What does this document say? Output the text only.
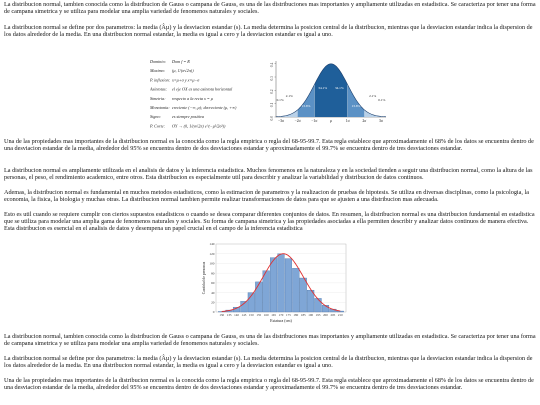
La distribucion normal, tambien conocida como la distribucion de Gauss o campana de Gauss, es una de las distribuciones mas importantes y ampliamente utilizadas en estadistica. Se caracteriza por tener una forma de campana simetrica y se utiliza para modelar una amplia variedad de fenomenos naturales y sociales.

La distribucion normal se define por dos parametros: la media (Âµ) y la desviacion estandar (s). La media determina la posicion central de la distribucion, mientras que la desviacion estandar indica la dispersion de los datos alrededor de la media. En una distribucion normal estandar, la media es igual a cero y la desviacion estandar es igual a uno.

Dominio: Dom f = R
Maximo: (μ, 1/(σ√2π))
P. inflexion: x=μ+σ y x=μ−σ
Asintotas: el eje OX es una asintota horizontal
Simetria: respecto a la recta x = μ
Monotonia: creciente (−∞, μ); decreciente (μ, +∞)
Signo:	es siempre positiva
P. Corte: OY → (0, 1/(σ√2π) e^(−μ²/2σ²))
0.0
0.1
0.2
0.3
0.4
0.1%
2.1%
13.6%
34.1% 34.1%
13.6%
2.1%
0.1%
−3σ	−2σ	−1σ	μ	1σ	2σ	3σ

Una de las propiedades mas importantes de la distribucion normal es la conocida como la regla empirica o regla del 68-95-99.7. Esta regla establece que aproximadamente el 68% de los datos se encuentra dentro de una desviacion estandar de la media, alrededor del 95% se encuentra dentro de dos desviaciones estandar y aproximadamente el 99.7% se encuentra dentro de tres desviaciones estandar.

La distribucion normal es ampliamente utilizada en el analisis de datos y la inferencia estadistica. Muchos fenomenos en la naturaleza y en la sociedad tienden a seguir una distribucion normal, como la altura de las personas, el peso, el rendimiento academico, entre otros. Esta distribucion es especialmente util para describir y analizar la variabilidad y distribucion de datos continuos.

Ademas, la distribucion normal es fundamental en muchos metodos estadisticos, como la estimacion de parametros y la realizacion de pruebas de hipotesis. Se utiliza en diversas disciplinas, como la psicologia, la economia, la fisica, la biologia y muchas otras. La distribucion normal tambien permite realizar transformaciones de datos para que se ajusten a una distribucion mas adecuada.

Esto es util cuando se requiere cumplir con ciertos supuestos estadisticos o cuando se desea comparar diferentes conjuntos de datos. En resumen, la distribucion normal es una distribucion fundamental en estadistica que se utiliza para modelar una amplia gama de fenomenos naturales y sociales. Su forma de campana simetrica y las propiedades asociadas a ella permiten describir y analizar datos continuos de manera efectiva. Esta distribucion es esencial en el analisis de datos y desempena un papel crucial en el campo de la inferencia estadistica

0
20
40
60
80
100
120
140
130 135 140 145 150 155 160 165 170 175 180 185 190 195 200 205 210
Estatura (cm)
Cantidad de personas

La distribucion normal, tambien conocida como la distribucion de Gauss o campana de Gauss, es una de las distribuciones mas importantes y ampliamente utilizadas en estadistica. Se caracteriza por tener una forma de campana simetrica y se utiliza para modelar una amplia variedad de fenomenos naturales y sociales.

La distribucion normal se define por dos parametros: la media (Âµ) y la desviacion estandar (s). La media determina la posicion central de la distribucion, mientras que la desviacion estandar indica la dispersion de los datos alrededor de la media. En una distribucion normal estandar, la media es igual a cero y la desviacion estandar es igual a uno.

Una de las propiedades mas importantes de la distribucion normal es la conocida como la regla empirica o regla del 68-95-99.7. Esta regla establece que aproximadamente el 68% de los datos se encuentra dentro de una desviacion estandar de la media, alrededor del 95% se encuentra dentro de dos desviaciones estandar y aproximadamente el 99.7% se encuentra dentro de tres desviaciones estandar.
